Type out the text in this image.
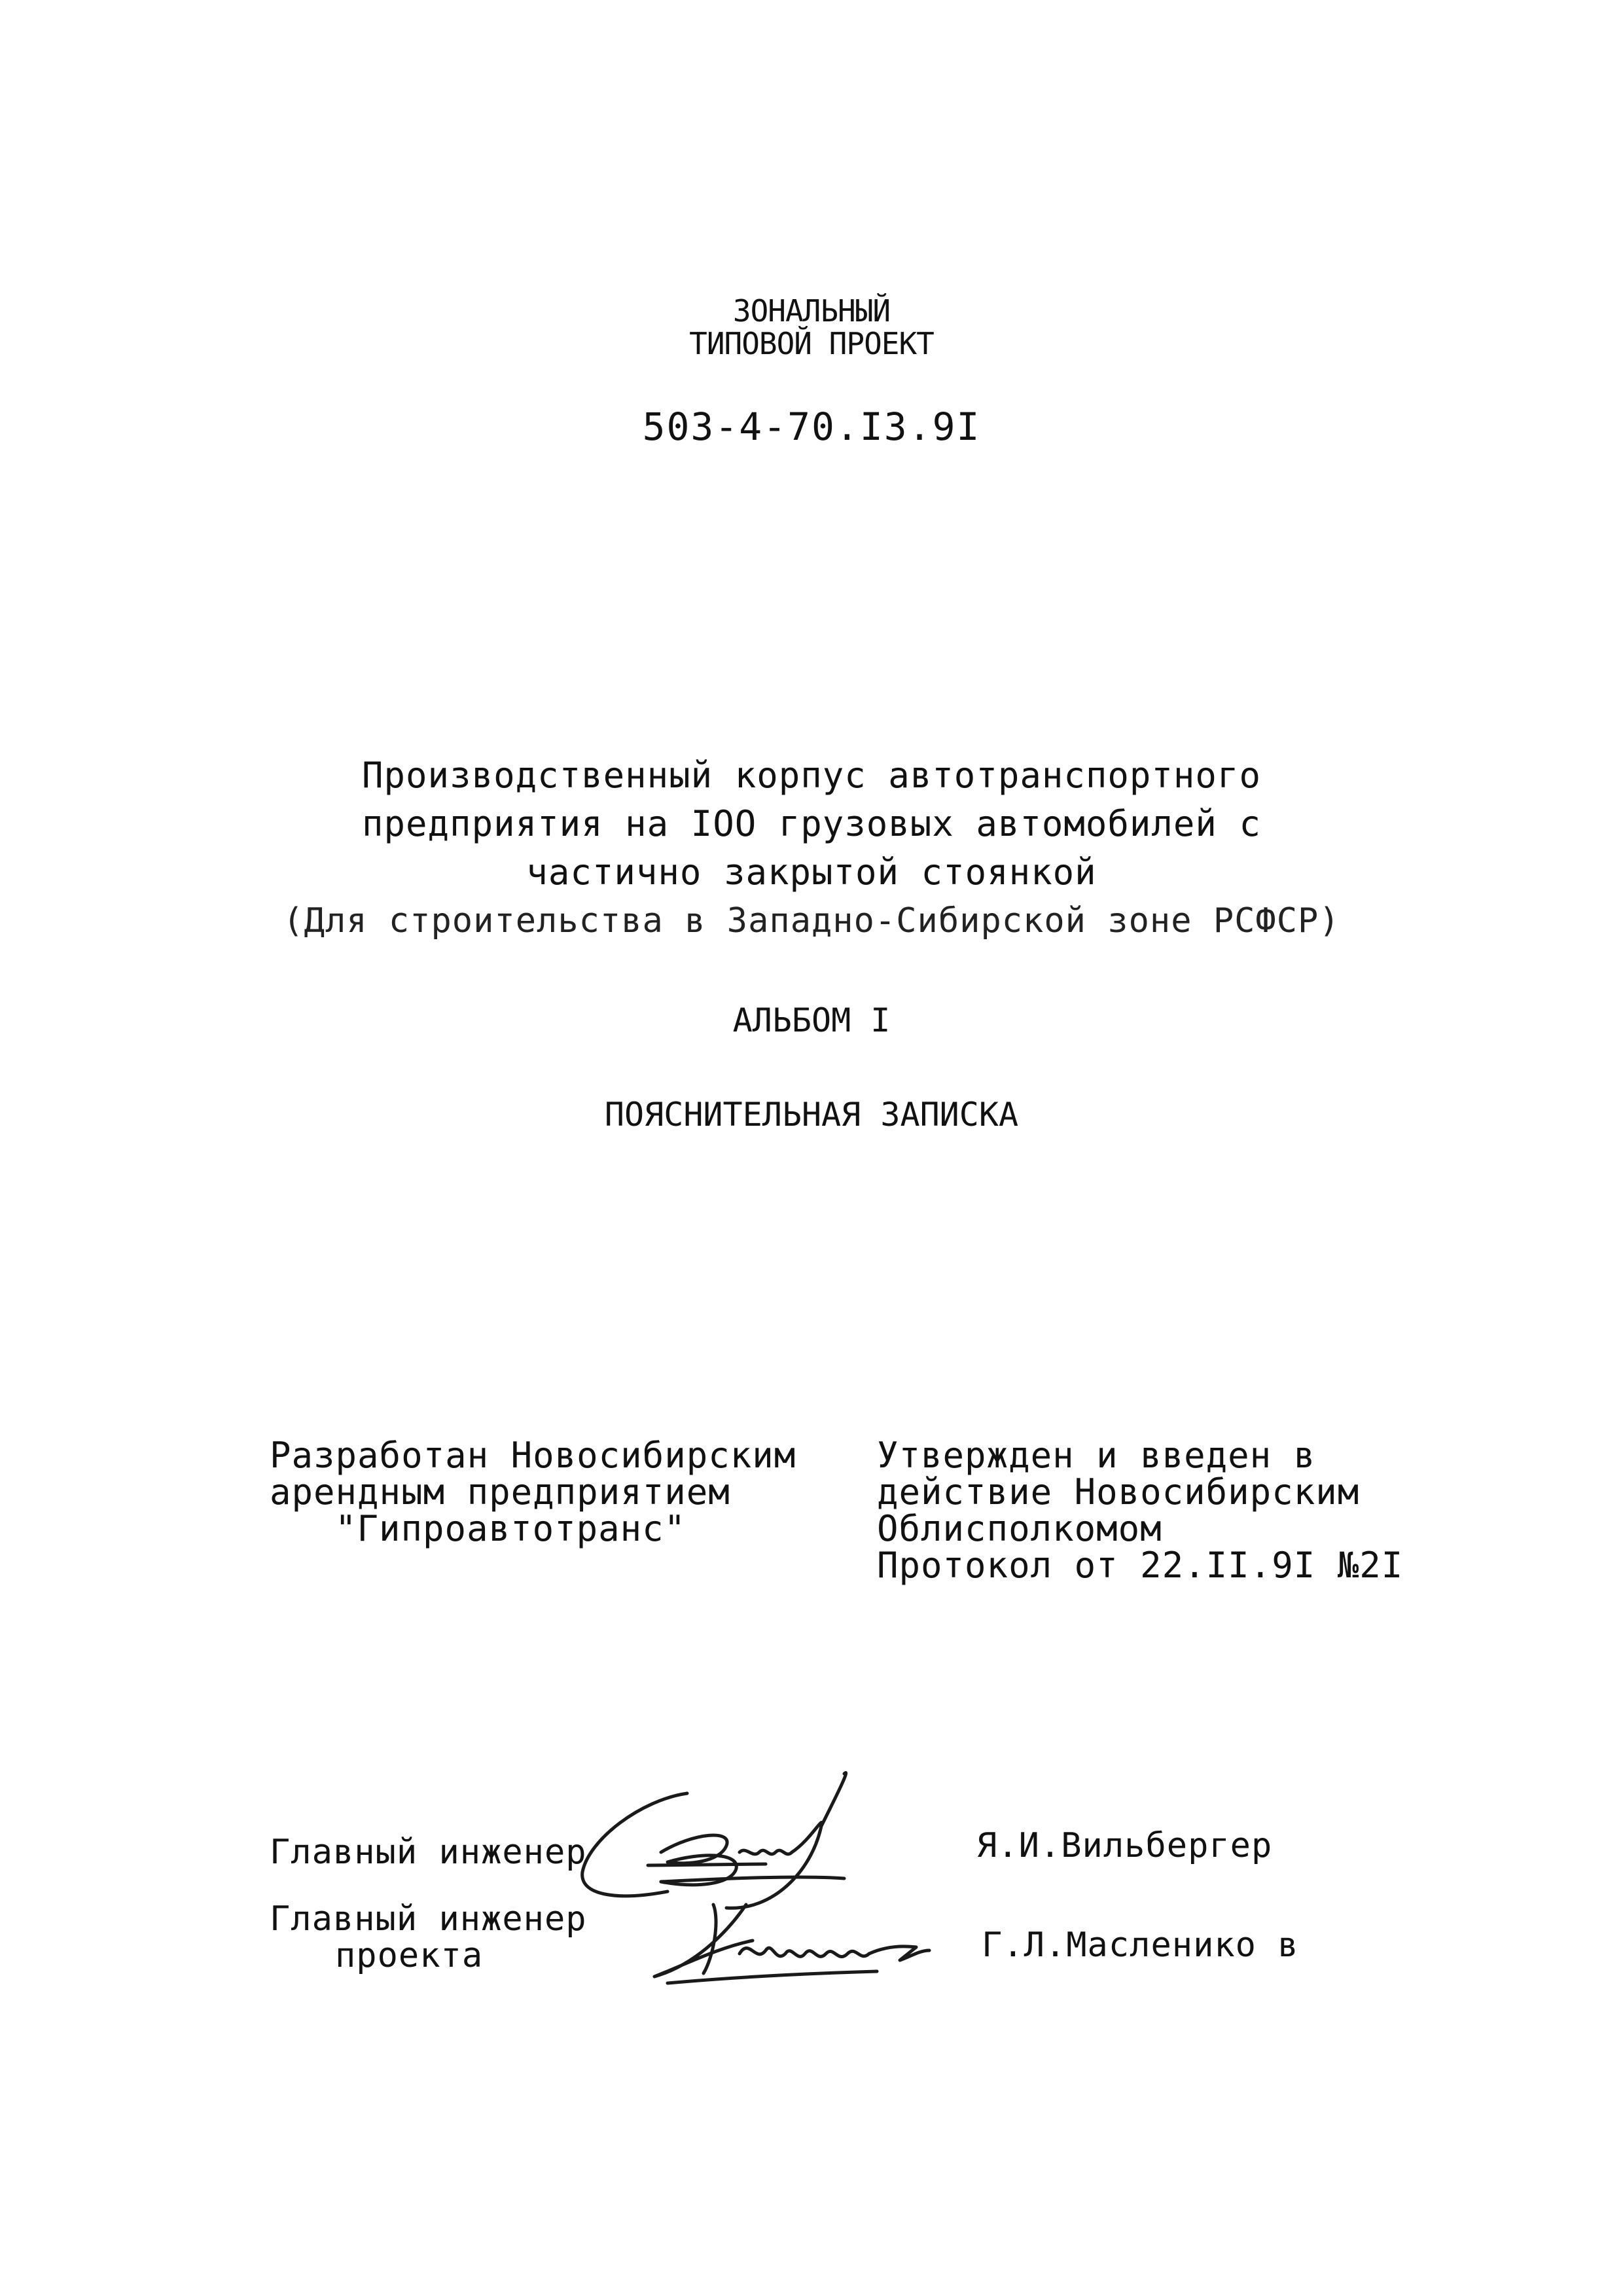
ЗОНАЛЬНЫЙ
ТИПОВОЙ ПРОЕКТ
503-4-70.I3.9I
Производственный корпус автотранспортного
предприятия на IOO грузовых автомобилей с
частично закрытой стоянкой
(Для строительства в Западно-Сибирской зоне РСФСР)
АЛЬБОМ I
ПОЯСНИТЕЛЬНАЯ ЗАПИСКА
Разработан Новосибирским
арендным предприятием
"Гипроавтотранс"
Утвержден и введен в
действие Новосибирским
Облисполкомом
Протокол от 22.II.9I №2I
Главный инженер	Я.И.Вильбергер
Главный инженер
проекта	Г.Л.Масленико в
